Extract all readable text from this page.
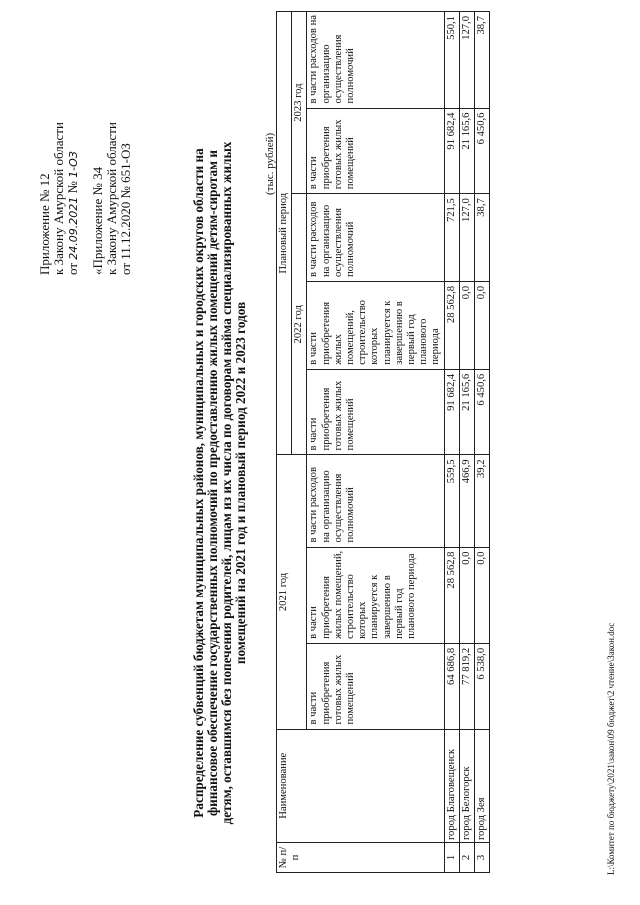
Приложение № 12 к Закону Амурской области от 24.09.2021 № 1-ОЗ
«Приложение № 34 к Закону Амурской области от 11.12.2020 № 651-ОЗ	Распределение субвенций бюджетам муниципальных районов, муниципальных и городских округов области на финансовое обеспечение государственных полномочий по предоставлению жилых помещений детям-сиротам и детям, оставшимся без попечения родителей, лицам из их числа по договорам найма специализированных жилых помещений на 2021 год и плановый период 2022 и 2023 годов
(тыс. рублей)
№ п/п	Наименование	2021 год			Плановый период				
					2022 год			2023 год	
		в части приобретения готовых жилых помещений	в части приобретения жилых помещений, строительство которых планируется к завершению в первый год планового периода	в части расходов на организацию осуществления полномочий	в части приобретения готовых жилых помещений	в части приобретения жилых помещений, строительство которых планируется к завершению в первый год планового периода	в части расходов на организацию осуществления полномочий	в части приобретения готовых жилых помещений	в части расходов на организацию осуществления полномочий
1	город Благовещенск	64 686,8	28 562,8	559,5	91 682,4	28 562,8	721,5	91 682,4	550,1
2	город Белогорск	77 819,2	0,0	466,9	21 165,6	0,0	127,0	21 165,6	127,0
3	город Зея	6 538,0	0,0	39,2	6 450,6	0,0	38,7	6 450,6	38,7
L:\Комитет по бюджету\2021\закон\09 бюджет\2 чтение\Закон.doc
